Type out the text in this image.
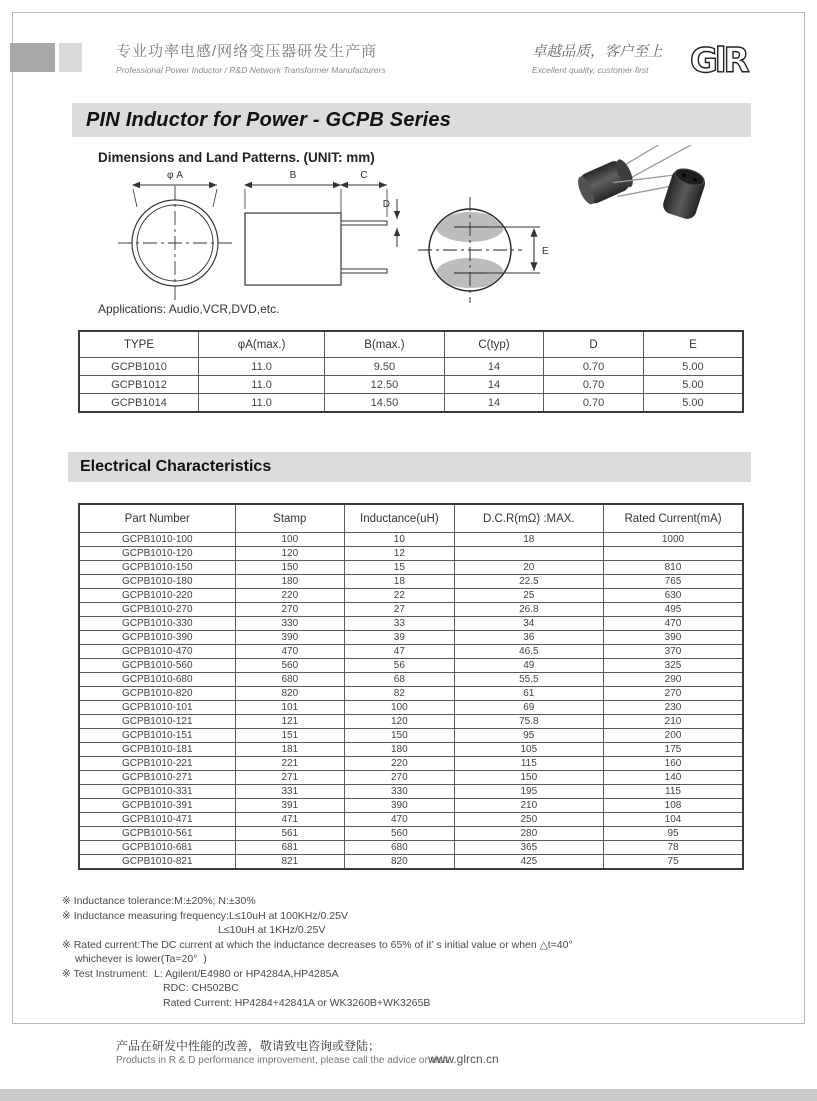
专业功率电感/网络变压器研发生产商
Professional Power Inductor / R&D Network Transformer Manufacturers
卓越品质，客户至上
Excellent quality, customer first	GlR
PIN Inductor for Power - GCPB Series
Dimensions and Land Patterns. (UNIT: mm)
φ A	B	C
D
E
Applications: Audio,VCR,DVD,etc.
TYPE	φA(max.)	B(max.)	C(typ)	D	E
GCPB1010	11.0	9.50	14	0.70	5.00
GCPB1012	11.0	12.50	14	0.70	5.00
GCPB1014	11.0	14.50	14	0.70	5.00
Electrical Characteristics
Part Number	Stamp	Inductance(uH)	D.C.R(mΩ) :MAX.	Rated Current(mA)
GCPB1010-100	100	10	18	1000
GCPB1010-120	120	12		
GCPB1010-150	150	15	20	810
GCPB1010-180	180	18	22.5	765
GCPB1010-220	220	22	25	630
GCPB1010-270	270	27	26.8	495
GCPB1010-330	330	33	34	470
GCPB1010-390	390	39	36	390
GCPB1010-470	470	47	46.5	370
GCPB1010-560	560	56	49	325
GCPB1010-680	680	68	55.5	290
GCPB1010-820	820	82	61	270
GCPB1010-101	101	100	69	230
GCPB1010-121	121	120	75.8	210
GCPB1010-151	151	150	95	200
GCPB1010-181	181	180	105	175
GCPB1010-221	221	220	115	160
GCPB1010-271	271	270	150	140
GCPB1010-331	331	330	195	115
GCPB1010-391	391	390	210	108
GCPB1010-471	471	470	250	104
GCPB1010-561	561	560	280	95
GCPB1010-681	681	680	365	78
GCPB1010-821	821	820	425	75
※ Inductance tolerance:M:±20%; N:±30%
※ Inductance measuring frequency:L≤10uH at 100KHz/0.25V
L≤10uH at 1KHz/0.25V
※ Rated current:The DC current at which the inductance decreases to 65% of it’ s initial value or when △t=40°
whichever is lower(Ta=20°  )
※ Test Instrument:  L: Agilent/E4980 or HP4284A,HP4285A
RDC: CH502BC
Rated Current: HP4284+42841A or WK3260B+WK3265B
产品在研发中性能的改善，敬请致电咨询或登陆；
Products in R & D performance improvement, please call the advice or visit:
www.glrcn.cn
